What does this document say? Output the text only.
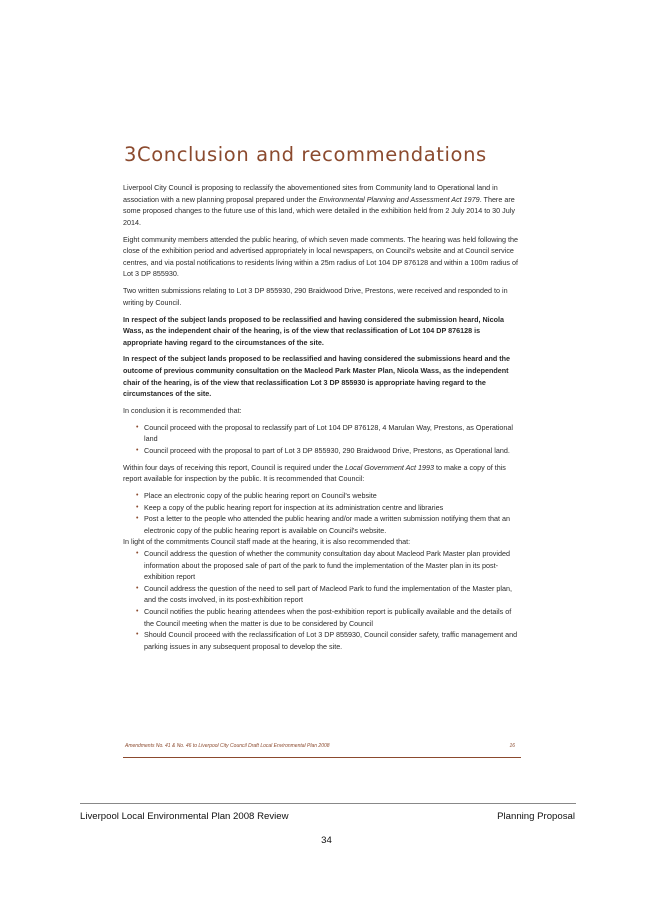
3Conclusion and recommendations

Liverpool City Council is proposing to reclassify the abovementioned sites from Community land to Operational land in association with a new planning proposal prepared under the Environmental Planning and Assessment Act 1979. There are some proposed changes to the future use of this land, which were detailed in the exhibition held from 2 July 2014 to 30 July 2014.

Eight community members attended the public hearing, of which seven made comments. The hearing was held following the close of the exhibition period and advertised appropriately in local newspapers, on Council's website and at Council service centres, and via postal notifications to residents living within a 25m radius of Lot 104 DP 876128 and within a 100m radius of Lot 3 DP 855930.

Two written submissions relating to Lot 3 DP 855930, 290 Braidwood Drive, Prestons, were received and responded to in writing by Council.

In respect of the subject lands proposed to be reclassified and having considered the submission heard, Nicola Wass, as the independent chair of the hearing, is of the view that reclassification of Lot 104 DP 876128 is appropriate having regard to the circumstances of the site.

In respect of the subject lands proposed to be reclassified and having considered the submissions heard and the outcome of previous community consultation on the Macleod Park Master Plan, Nicola Wass, as the independent chair of the hearing, is of the view that reclassification Lot 3 DP 855930 is appropriate having regard to the circumstances of the site.

In conclusion it is recommended that:

• Council proceed with the proposal to reclassify part of Lot 104 DP 876128, 4 Marulan Way, Prestons, as Operational land
• Council proceed with the proposal to part of Lot 3 DP 855930, 290 Braidwood Drive, Prestons, as Operational land.

Within four days of receiving this report, Council is required under the Local Government Act 1993 to make a copy of this report available for inspection by the public. It is recommended that Council:

• Place an electronic copy of the public hearing report on Council's website
• Keep a copy of the public hearing report for inspection at its administration centre and libraries
• Post a letter to the people who attended the public hearing and/or made a written submission notifying them that an electronic copy of the public hearing report is available on Council's website.

In light of the commitments Council staff made at the hearing, it is also recommended that:

• Council address the question of whether the community consultation day about Macleod Park Master plan provided information about the proposed sale of part of the park to fund the implementation of the Master plan in its post-exhibition report
• Council address the question of the need to sell part of Macleod Park to fund the implementation of the Master plan, and the costs involved, in its post-exhibition report
• Council notifies the public hearing attendees when the post-exhibition report is publically available and the details of the Council meeting when the matter is due to be considered by Council
• Should Council proceed with the reclassification of Lot 3 DP 855930, Council consider safety, traffic management and parking issues in any subsequent proposal to develop the site.
Amendments No. 41 & No. 46 to Liverpool City Council Draft Local Environmental Plan 2008	16
Liverpool Local Environmental Plan 2008 Review	Planning Proposal
34
